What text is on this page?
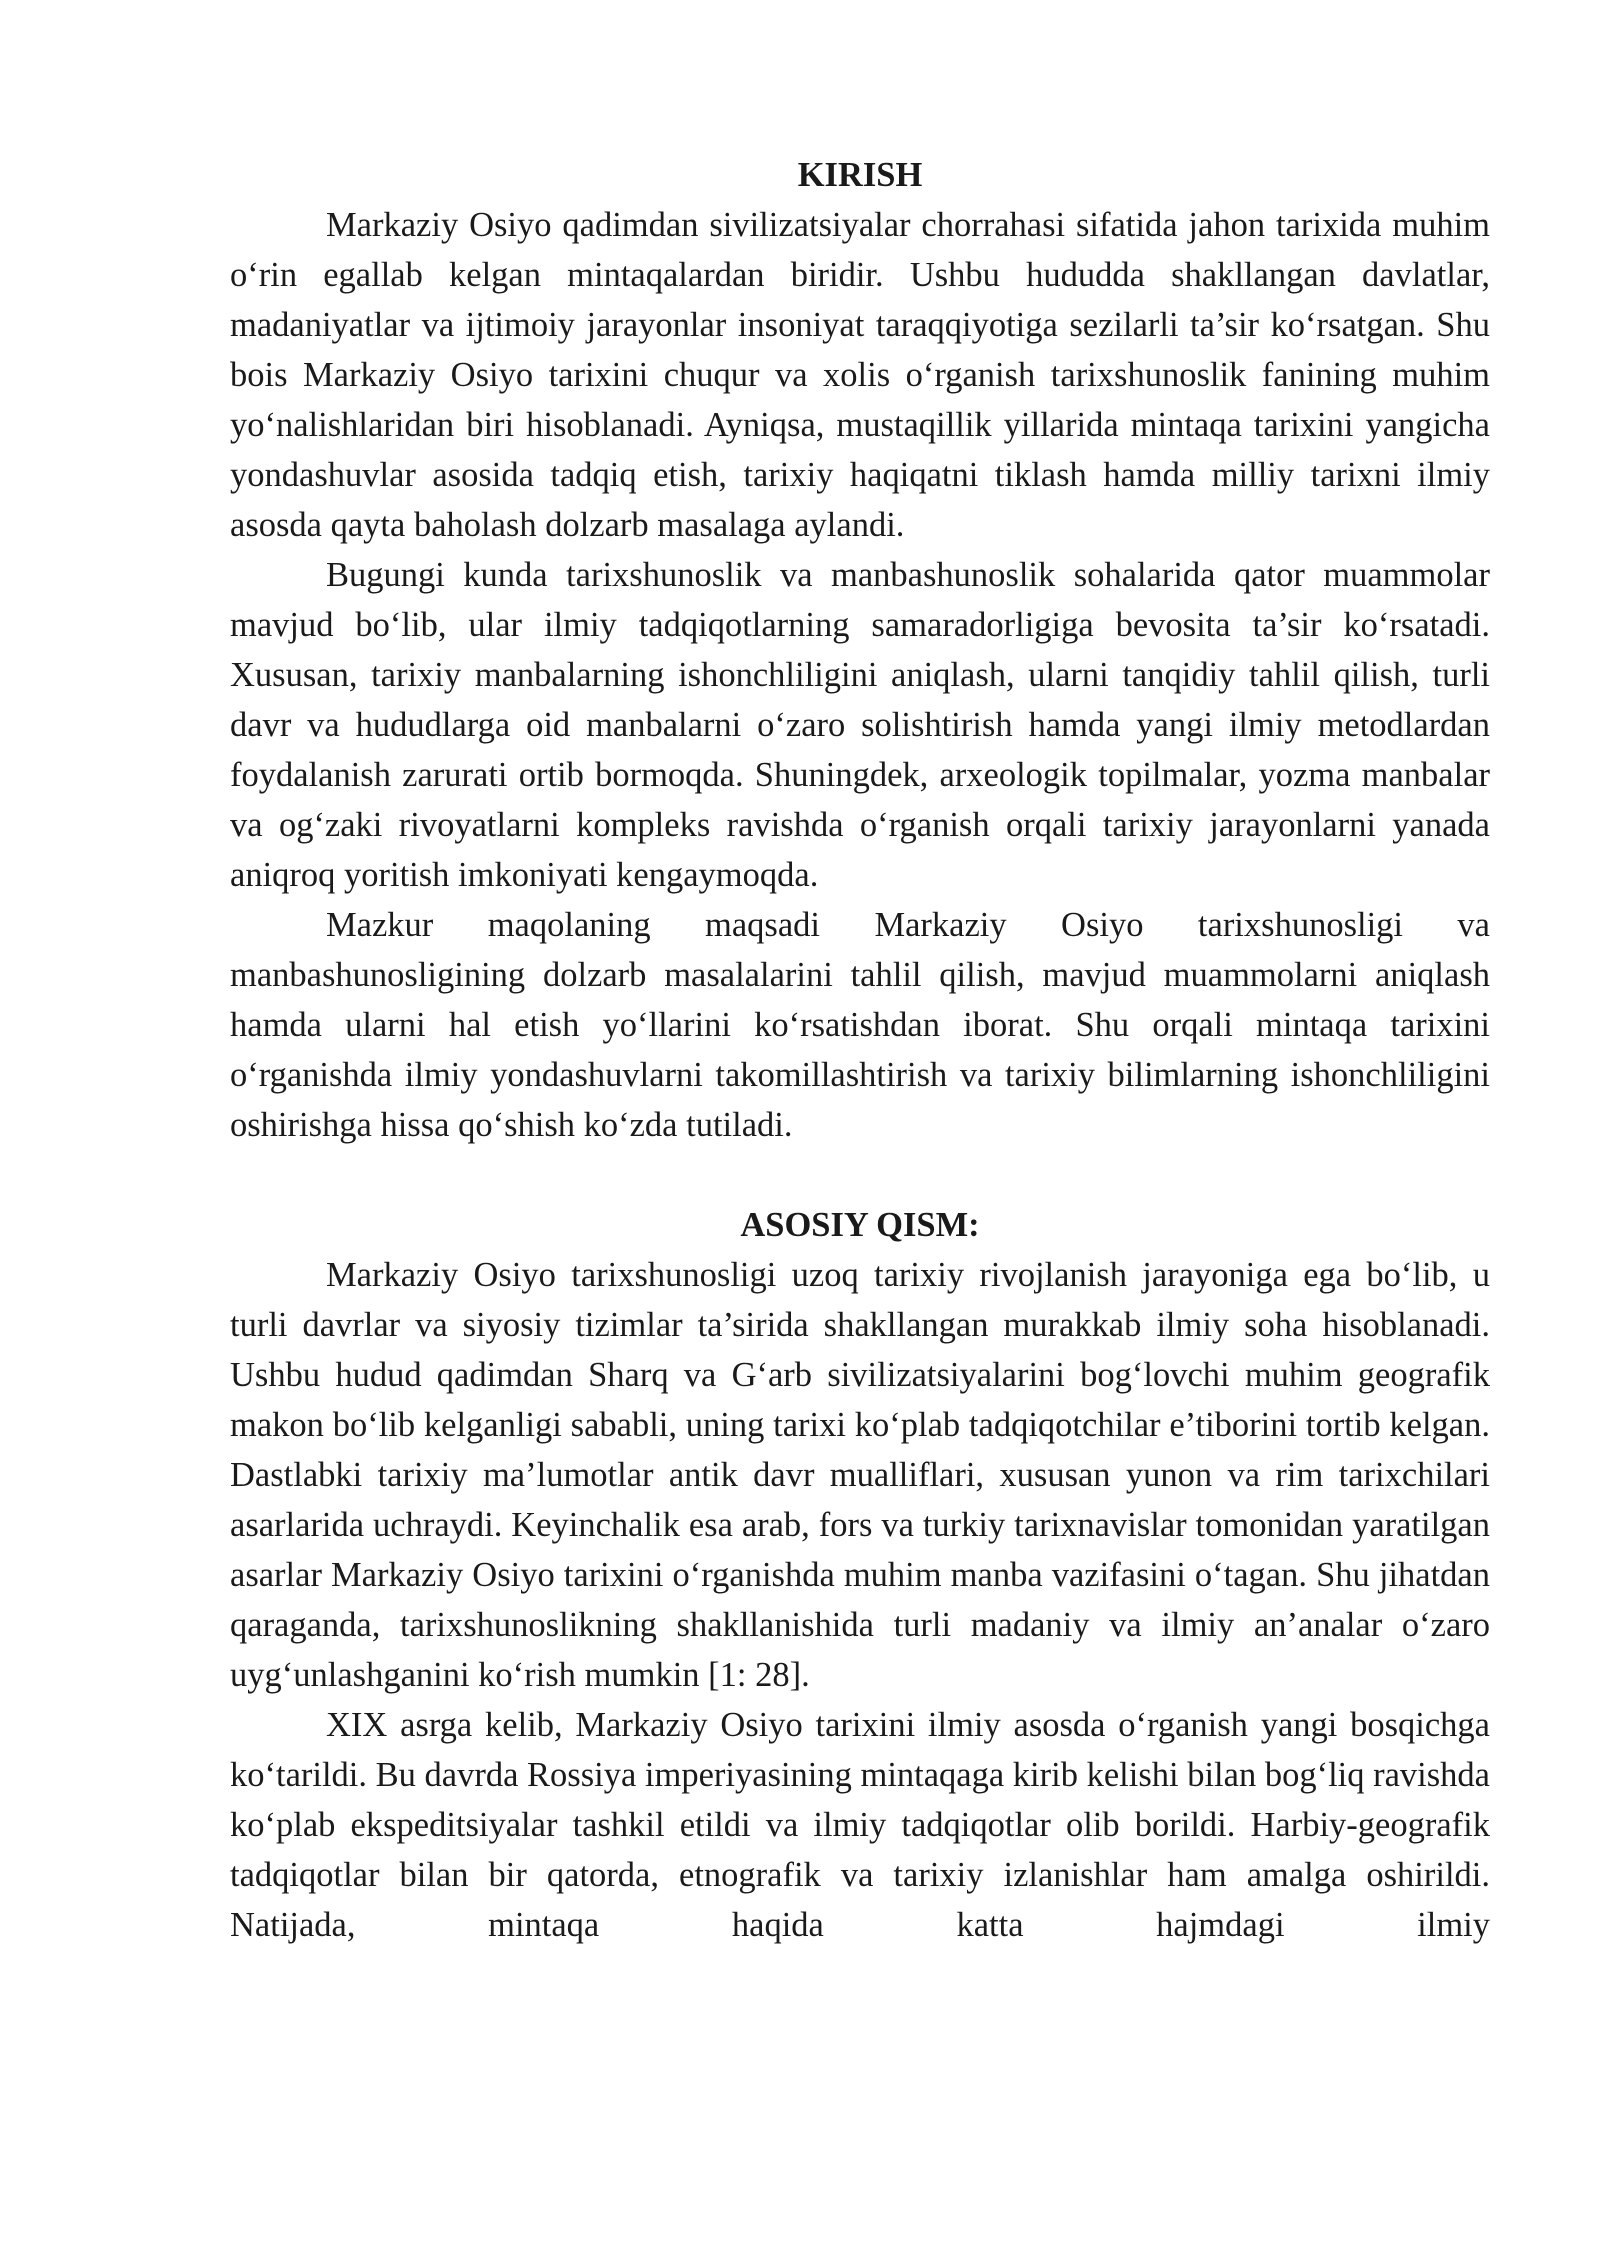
KIRISH

Markaziy Osiyo qadimdan sivilizatsiyalar chorrahasi sifatida jahon tarixida muhim o‘rin egallab kelgan mintaqalardan biridir. Ushbu hududda shakllangan davlatlar, madaniyatlar va ijtimoiy jarayonlar insoniyat taraqqiyotiga sezilarli ta’sir ko‘rsatgan. Shu bois Markaziy Osiyo tarixini chuqur va xolis o‘rganish tarixshunoslik fanining muhim yo‘nalishlaridan biri hisoblanadi. Ayniqsa, mustaqillik yillarida mintaqa tarixini yangicha yondashuvlar asosida tadqiq etish, tarixiy haqiqatni tiklash hamda milliy tarixni ilmiy asosda qayta baholash dolzarb masalaga aylandi.

Bugungi kunda tarixshunoslik va manbashunoslik sohalarida qator muammolar mavjud bo‘lib, ular ilmiy tadqiqotlarning samaradorligiga bevosita ta’sir ko‘rsatadi. Xususan, tarixiy manbalarning ishonchliligini aniqlash, ularni tanqidiy tahlil qilish, turli davr va hududlarga oid manbalarni o‘zaro solishtirish hamda yangi ilmiy metodlardan foydalanish zarurati ortib bormoqda. Shuningdek, arxeologik topilmalar, yozma manbalar va og‘zaki rivoyatlarni kompleks ravishda o‘rganish orqali tarixiy jarayonlarni yanada aniqroq yoritish imkoniyati kengaymoqda.

Mazkur maqolaning maqsadi Markaziy Osiyo tarixshunosligi va manbashunosligining dolzarb masalalarini tahlil qilish, mavjud muammolarni aniqlash hamda ularni hal etish yo‘llarini ko‘rsatishdan iborat. Shu orqali mintaqa tarixini o‘rganishda ilmiy yondashuvlarni takomillashtirish va tarixiy bilimlarning ishonchliligini oshirishga hissa qo‘shish ko‘zda tutiladi.

ASOSIY QISM:

Markaziy Osiyo tarixshunosligi uzoq tarixiy rivojlanish jarayoniga ega bo‘lib, u turli davrlar va siyosiy tizimlar ta’sirida shakllangan murakkab ilmiy soha hisoblanadi. Ushbu hudud qadimdan Sharq va G‘arb sivilizatsiyalarini bog‘lovchi muhim geografik makon bo‘lib kelganligi sababli, uning tarixi ko‘plab tadqiqotchilar e’tiborini tortib kelgan. Dastlabki tarixiy ma’lumotlar antik davr mualliflari, xususan yunon va rim tarixchilari asarlarida uchraydi. Keyinchalik esa arab, fors va turkiy tarixnavislar tomonidan yaratilgan asarlar Markaziy Osiyo tarixini o‘rganishda muhim manba vazifasini o‘tagan. Shu jihatdan qaraganda, tarixshunoslikning shakllanishida turli madaniy va ilmiy an’analar o‘zaro uyg‘unlashganini ko‘rish mumkin [1: 28].

XIX asrga kelib, Markaziy Osiyo tarixini ilmiy asosda o‘rganish yangi bosqichga ko‘tarildi. Bu davrda Rossiya imperiyasining mintaqaga kirib kelishi bilan bog‘liq ravishda ko‘plab ekspeditsiyalar tashkil etildi va ilmiy tadqiqotlar olib borildi. Harbiy-geografik tadqiqotlar bilan bir qatorda, etnografik va tarixiy izlanishlar ham amalga oshirildi. Natijada, mintaqa haqida katta hajmdagi ilmiy
